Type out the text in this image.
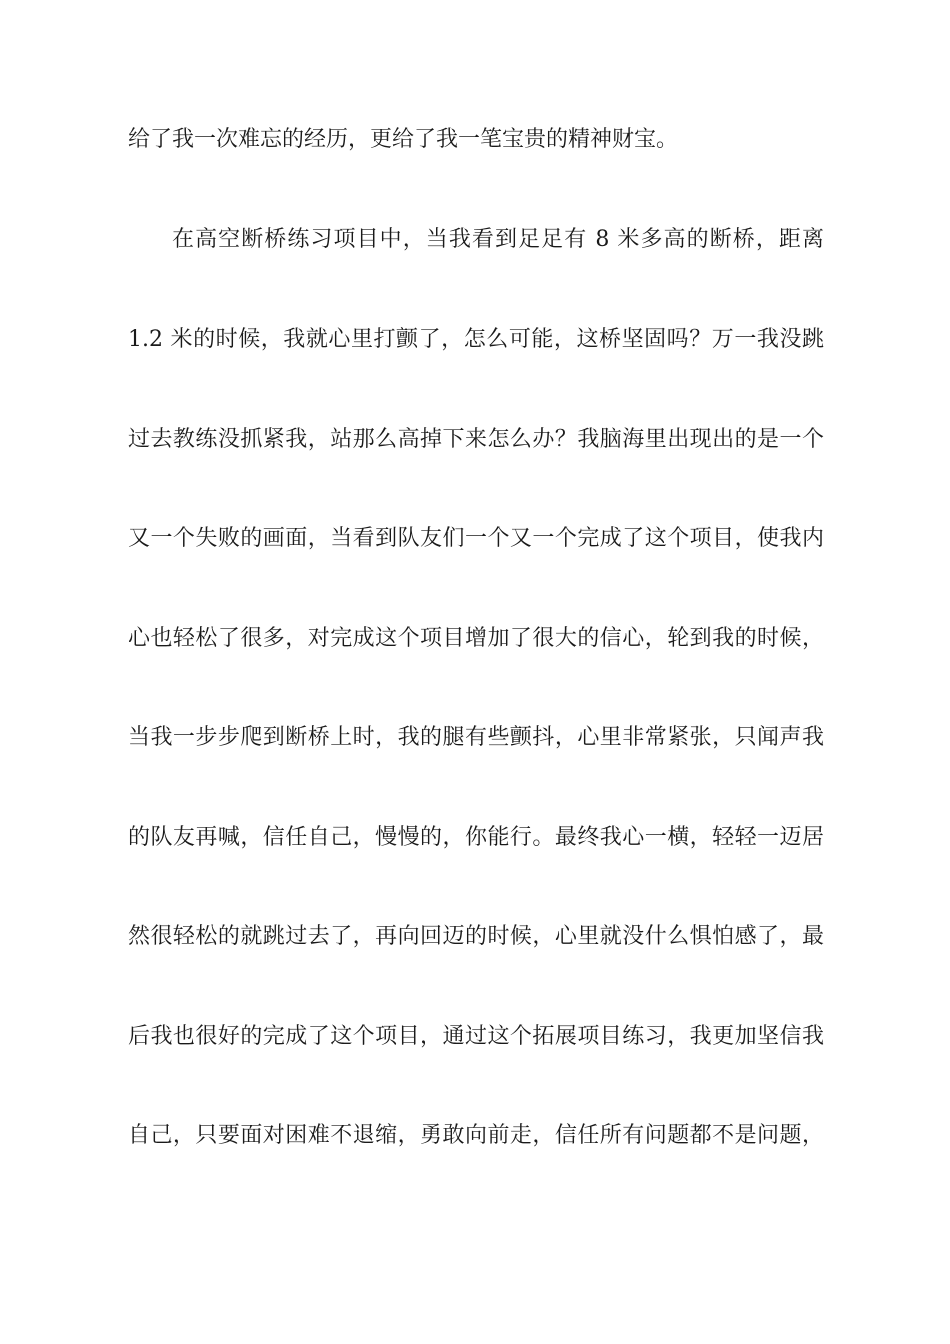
给了我一次难忘的经历，更给了我一笔宝贵的精神财宝。
在高空断桥练习项目中，当我看到足足有 8 米多高的断桥，距离
1.2 米的时候，我就心里打颤了，怎么可能，这桥坚固吗？万一我没跳
过去教练没抓紧我，站那么高掉下来怎么办？我脑海里出现出的是一个
又一个失败的画面，当看到队友们一个又一个完成了这个项目，使我内
心也轻松了很多，对完成这个项目增加了很大的信心，轮到我的时候，
当我一步步爬到断桥上时，我的腿有些颤抖，心里非常紧张，只闻声我
的队友再喊，信任自己，慢慢的，你能行。最终我心一横，轻轻一迈居
然很轻松的就跳过去了，再向回迈的时候，心里就没什么惧怕感了，最
后我也很好的完成了这个项目，通过这个拓展项目练习，我更加坚信我
自己，只要面对困难不退缩，勇敢向前走，信任所有问题都不是问题，
